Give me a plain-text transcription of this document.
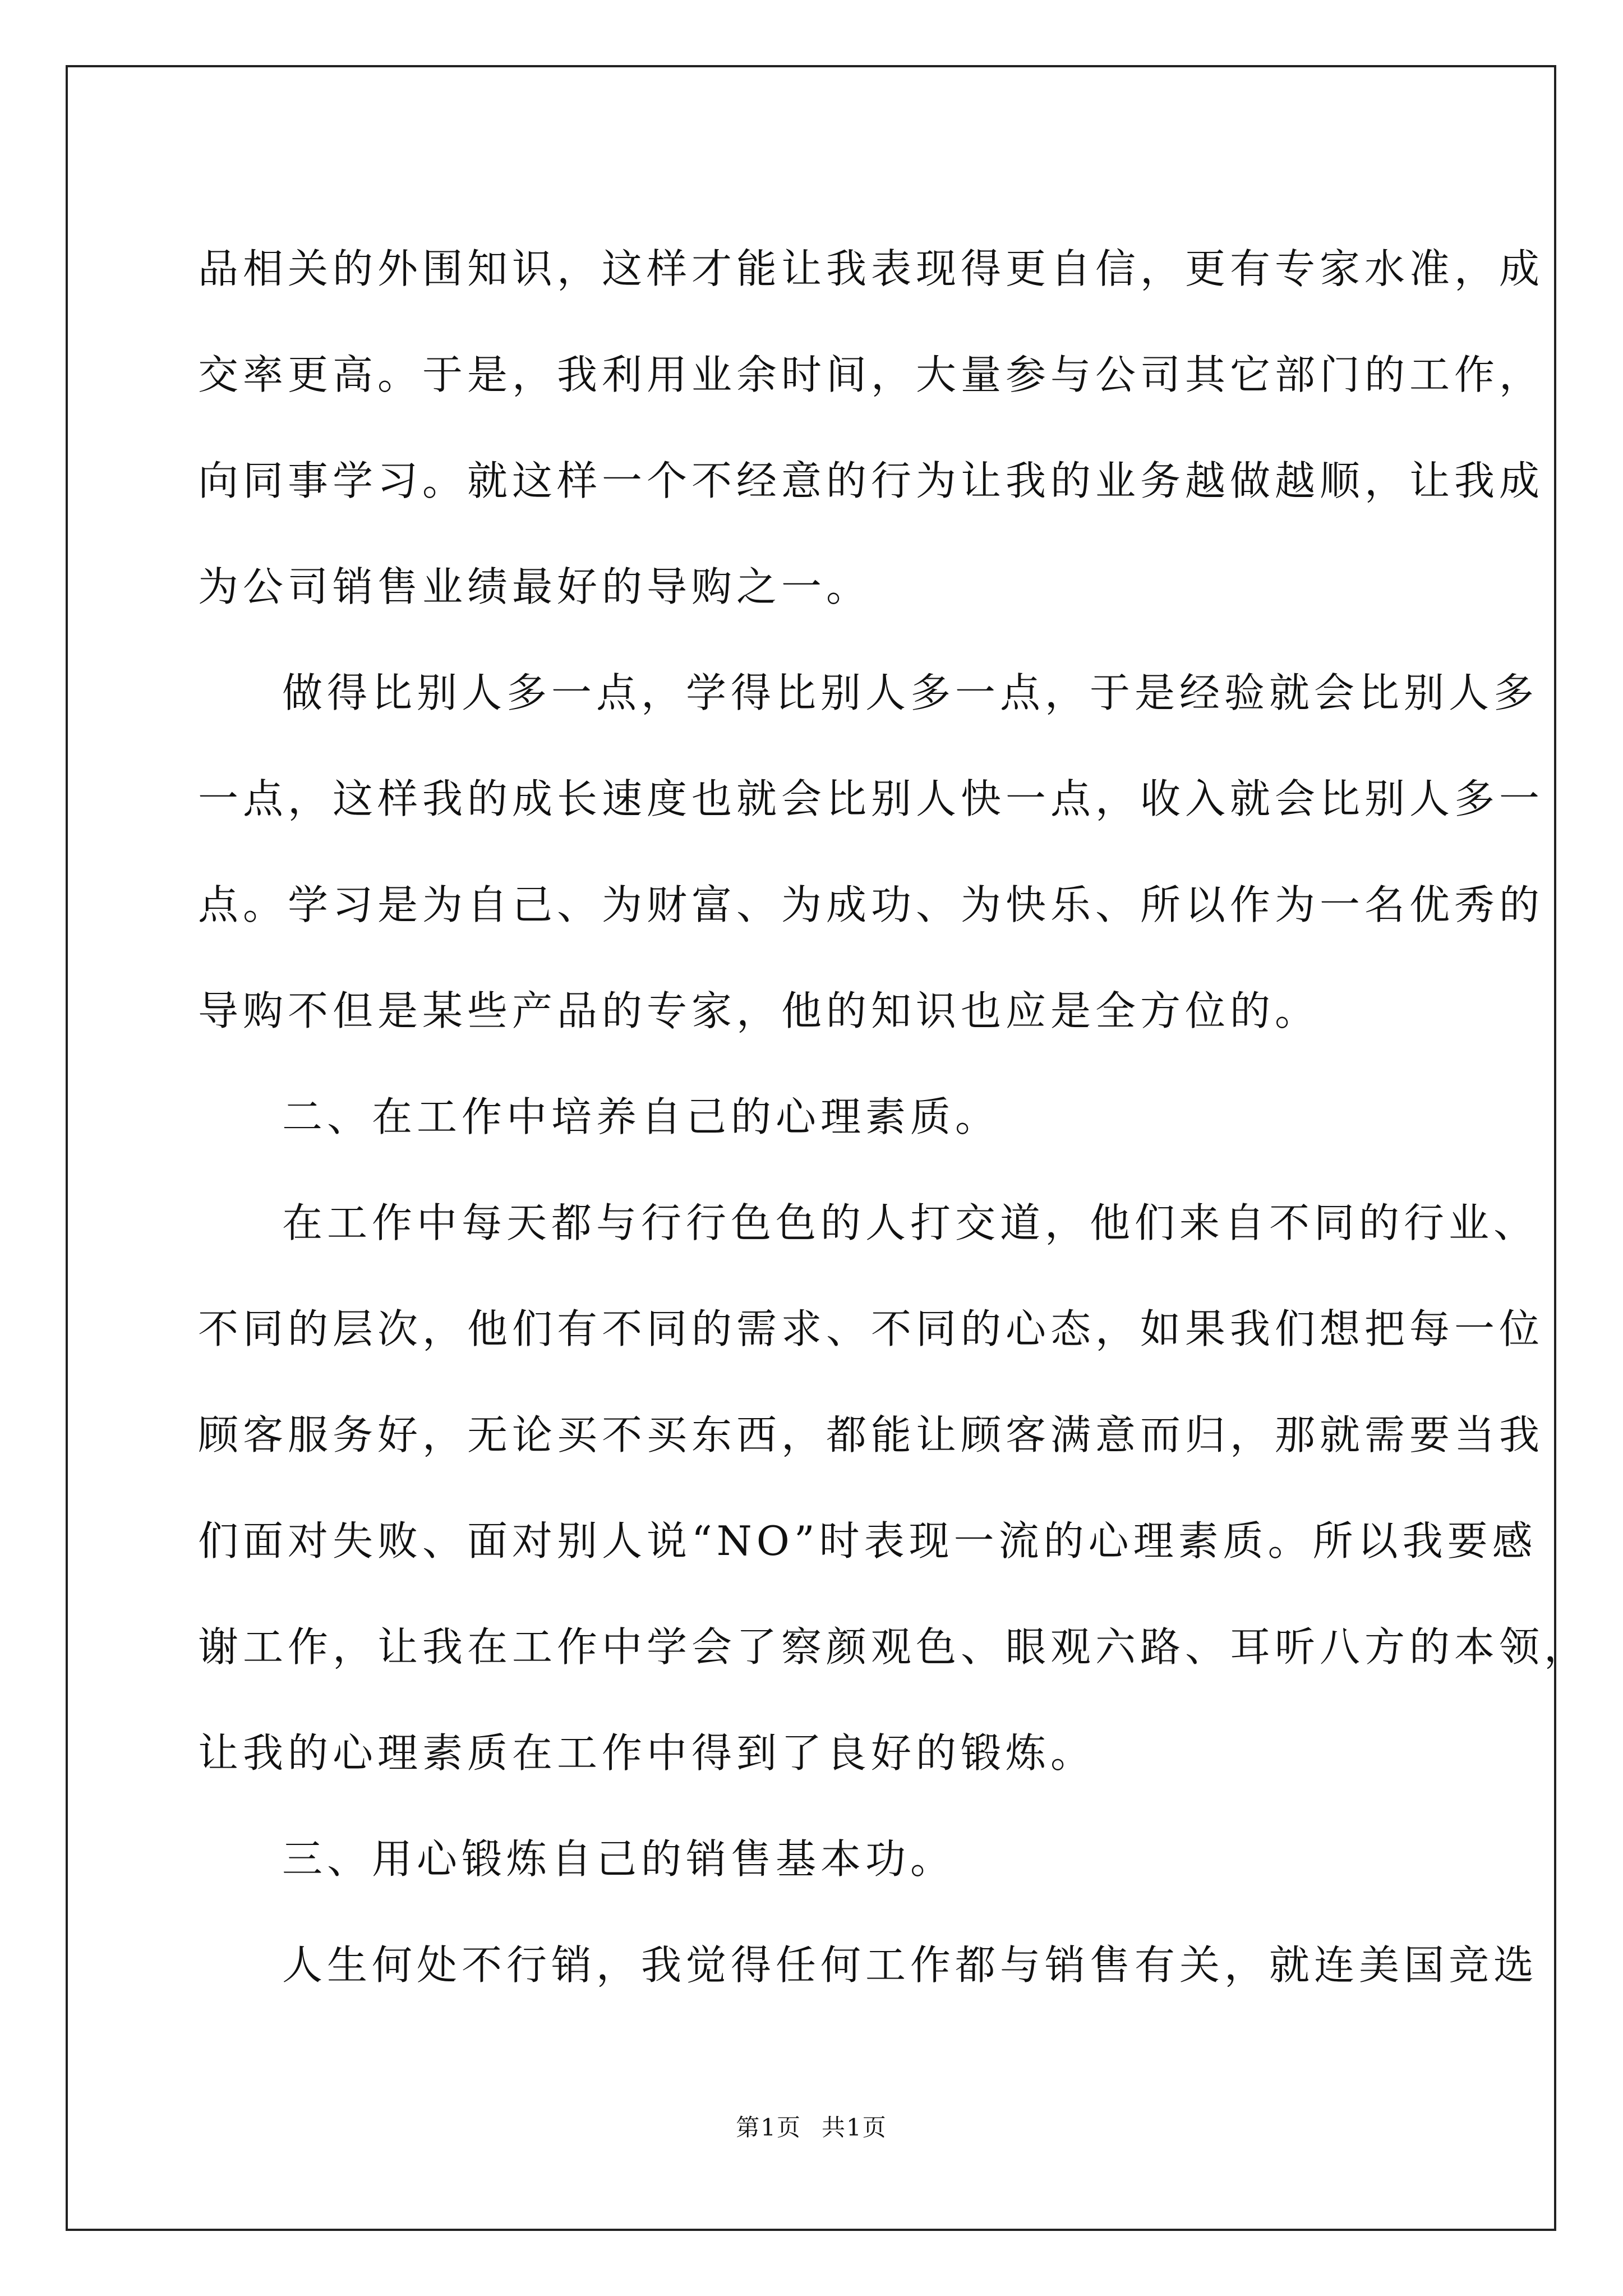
品相关的外围知识，这样才能让我表现得更自信，更有专家水准，成
交率更高。于是，我利用业余时间，大量参与公司其它部门的工作，
向同事学习。就这样一个不经意的行为让我的业务越做越顺，让我成
为公司销售业绩最好的导购之一。

做得比别人多一点，学得比别人多一点，于是经验就会比别人多
一点，这样我的成长速度也就会比别人快一点，收入就会比别人多一
点。学习是为自己、为财富、为成功、为快乐、所以作为一名优秀的
导购不但是某些产品的专家，他的知识也应是全方位的。

二、在工作中培养自己的心理素质。

在工作中每天都与行行色色的人打交道，他们来自不同的行业、
不同的层次，他们有不同的需求、不同的心态，如果我们想把每一位
顾客服务好，无论买不买东西，都能让顾客满意而归，那就需要当我
们面对失败、面对别人说“NO”时表现一流的心理素质。所以我要感
谢工作，让我在工作中学会了察颜观色、眼观六路、耳听八方的本领，
让我的心理素质在工作中得到了良好的锻炼。

三、用心锻炼自己的销售基本功。

人生何处不行销，我觉得任何工作都与销售有关，就连美国竞选

第1页 共1页
